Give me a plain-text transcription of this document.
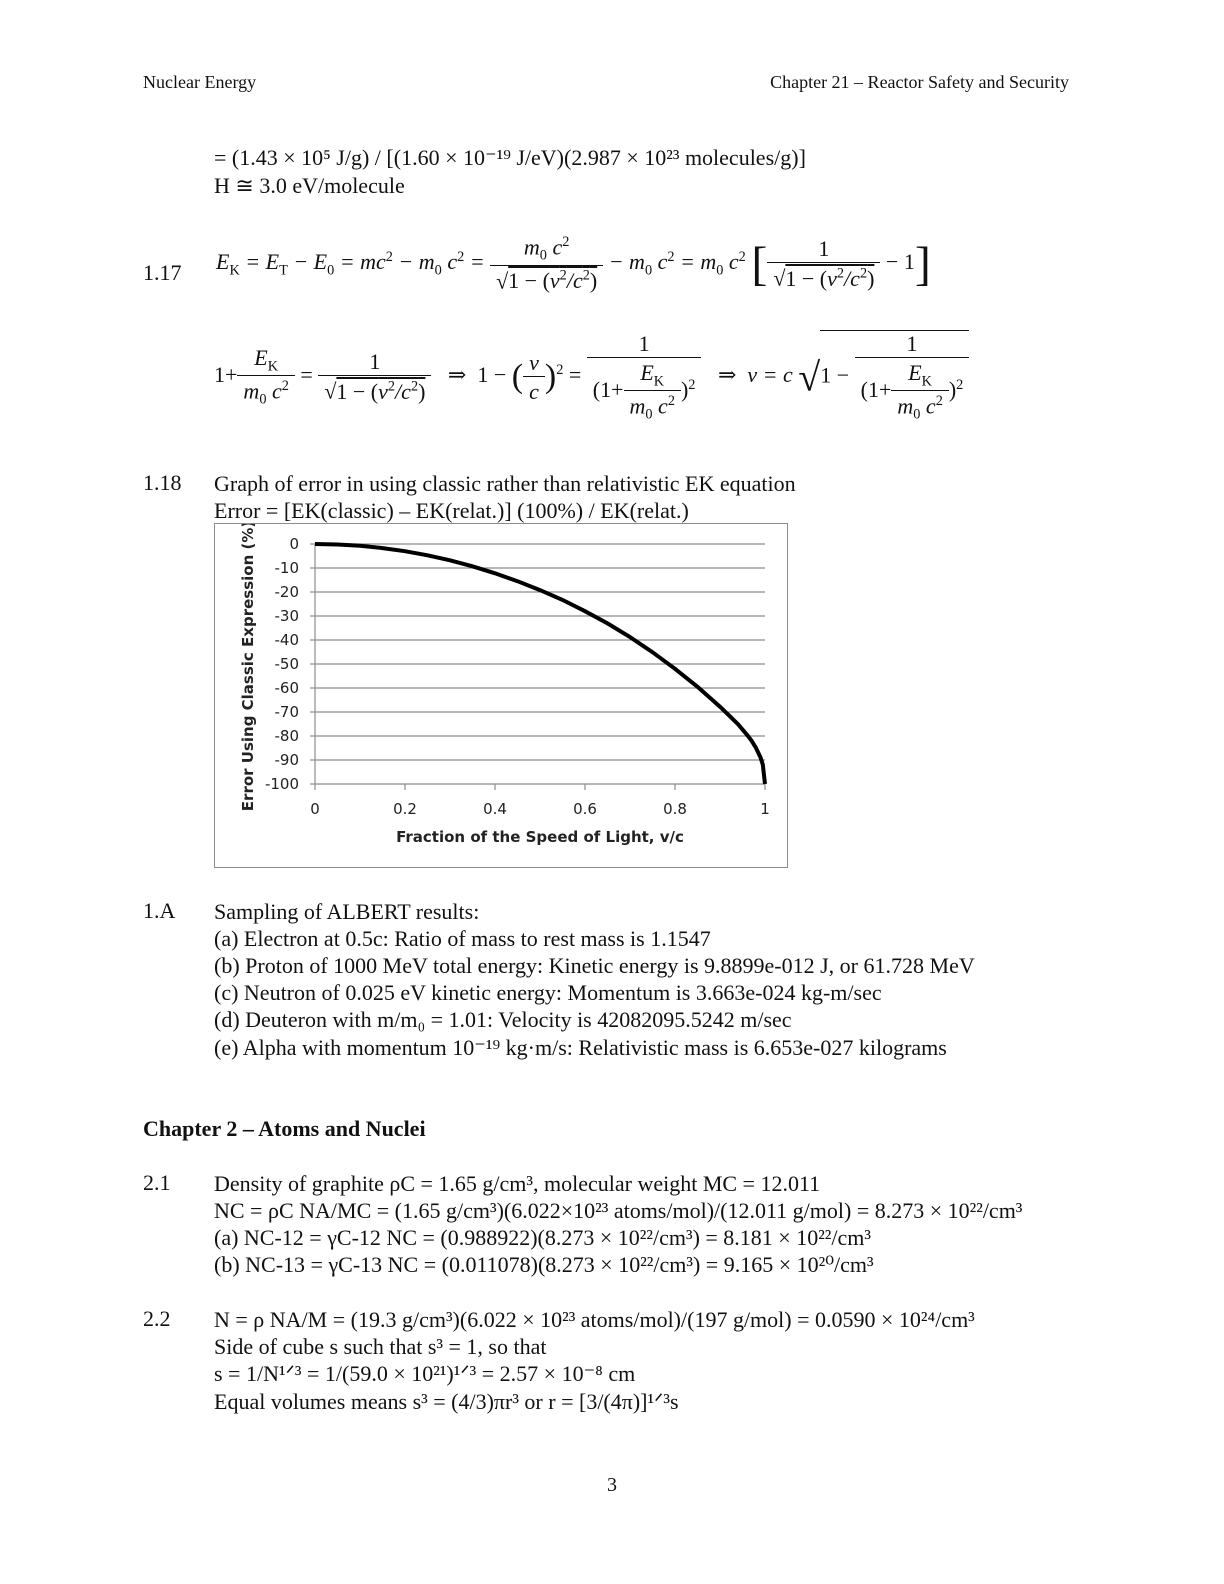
Nuclear Energy	Chapter 21 – Reactor Safety and Security
= (1.43 × 10⁵ J/g) / [(1.60 × 10⁻¹⁹ J/eV)(2.987 × 10²³ molecules/g)]
H ≅ 3.0 eV/molecule
1.17 $E_K = E_T - E_0 = mc^2 - m_0$ $c^2 = \frac{m_0 c^2}{√1 - (v^2/c^2)} - m_0$ $c^2 = m_0$ $c^2$ [ $\frac{1}{√1 - (v^2/c^2)} - 1$]
$1+ \frac{E_K}{m_0 c^2} = \frac{1}{√1 - (v^2/c^2)}$ ⇒  1 − ( $\frac{v}{c} )^2 = \frac{1}{(1+ \frac{E_K}{m_0 c^2} )^2}$ ⇒  v = c $√1 - \frac{1}{(1+ \frac{E_K}{m_0 c^2} )^2}$
1.18 Graph of error in using classic rather than relativistic EK equation
Error = [EK(classic) – EK(relat.)] (100%) / EK(relat.)
0
-10
-20
-30
-40
-50
-60
-70
-80
-90
-100
0	0.2	0.4	0.6	0.8	1
Fraction of the Speed of Light, v/c
Error Using Classic Expression (%)
1.A Sampling of ALBERT results:
(a) Electron at 0.5c: Ratio of mass to rest mass is 1.1547
(b) Proton of 1000 MeV total energy: Kinetic energy is 9.8899e-012 J, or 61.728 MeV
(c) Neutron of 0.025 eV kinetic energy: Momentum is 3.663e-024 kg-m/sec
(d) Deuteron with m/m₀ = 1.01: Velocity is 42082095.5242 m/sec
(e) Alpha with momentum 10⁻¹⁹ kg·m/s: Relativistic mass is 6.653e-027 kilograms
Chapter 2 – Atoms and Nuclei
2.1 Density of graphite ρC = 1.65 g/cm³, molecular weight MC = 12.011
NC = ρC NA/MC = (1.65 g/cm³)(6.022×10²³ atoms/mol)/(12.011 g/mol) = 8.273 × 10²²/cm³
(a) NC-12 = γC-12 NC = (0.988922)(8.273 × 10²²/cm³) = 8.181 × 10²²/cm³
(b) NC-13 = γC-13 NC = (0.011078)(8.273 × 10²²/cm³) = 9.165 × 10²⁰/cm³
2.2 N = ρ NA/M = (19.3 g/cm³)(6.022 × 10²³ atoms/mol)/(197 g/mol) = 0.0590 × 10²⁴/cm³
Side of cube s such that s³ = 1, so that
s = 1/N¹ᐟ³ = 1/(59.0 × 10²¹)¹ᐟ³ = 2.57 × 10⁻⁸ cm
Equal volumes means s³ = (4/3)πr³ or r = [3/(4π)]¹ᐟ³s
3
